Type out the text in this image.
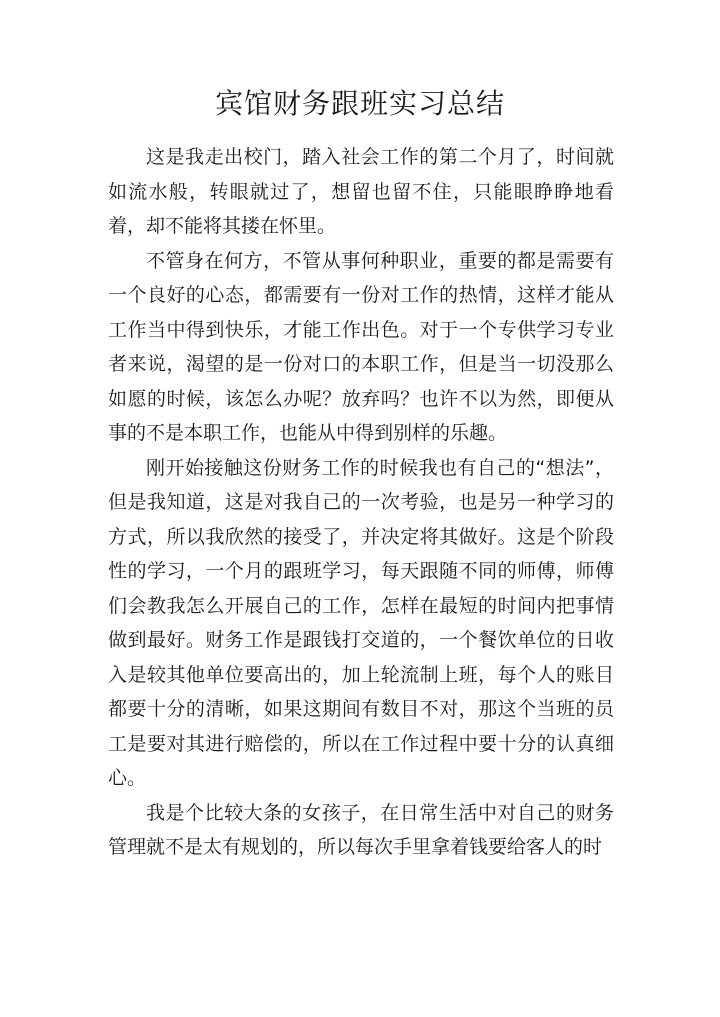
宾馆财务跟班实习总结

这是我走出校门，踏入社会工作的第二个月了，时间就如流水般，转眼就过了，想留也留不住，只能眼睁睁地看着，却不能将其搂在怀里。

不管身在何方，不管从事何种职业，重要的都是需要有一个良好的心态，都需要有一份对工作的热情，这样才能从工作当中得到快乐，才能工作出色。对于一个专供学习专业者来说，渴望的是一份对口的本职工作，但是当一切没那么如愿的时候，该怎么办呢？放弃吗？也许不以为然，即便从事的不是本职工作，也能从中得到别样的乐趣。

刚开始接触这份财务工作的时候我也有自己的“想法”，但是我知道，这是对我自己的一次考验，也是另一种学习的方式，所以我欣然的接受了，并决定将其做好。这是个阶段性的学习，一个月的跟班学习，每天跟随不同的师傅，师傅们会教我怎么开展自己的工作，怎样在最短的时间内把事情做到最好。财务工作是跟钱打交道的，一个餐饮单位的日收入是较其他单位要高出的，加上轮流制上班，每个人的账目都要十分的清晰，如果这期间有数目不对，那这个当班的员工是要对其进行赔偿的，所以在工作过程中要十分的认真细心。

我是个比较大条的女孩子，在日常生活中对自己的财务管理就不是太有规划的，所以每次手里拿着钱要给客人的时
